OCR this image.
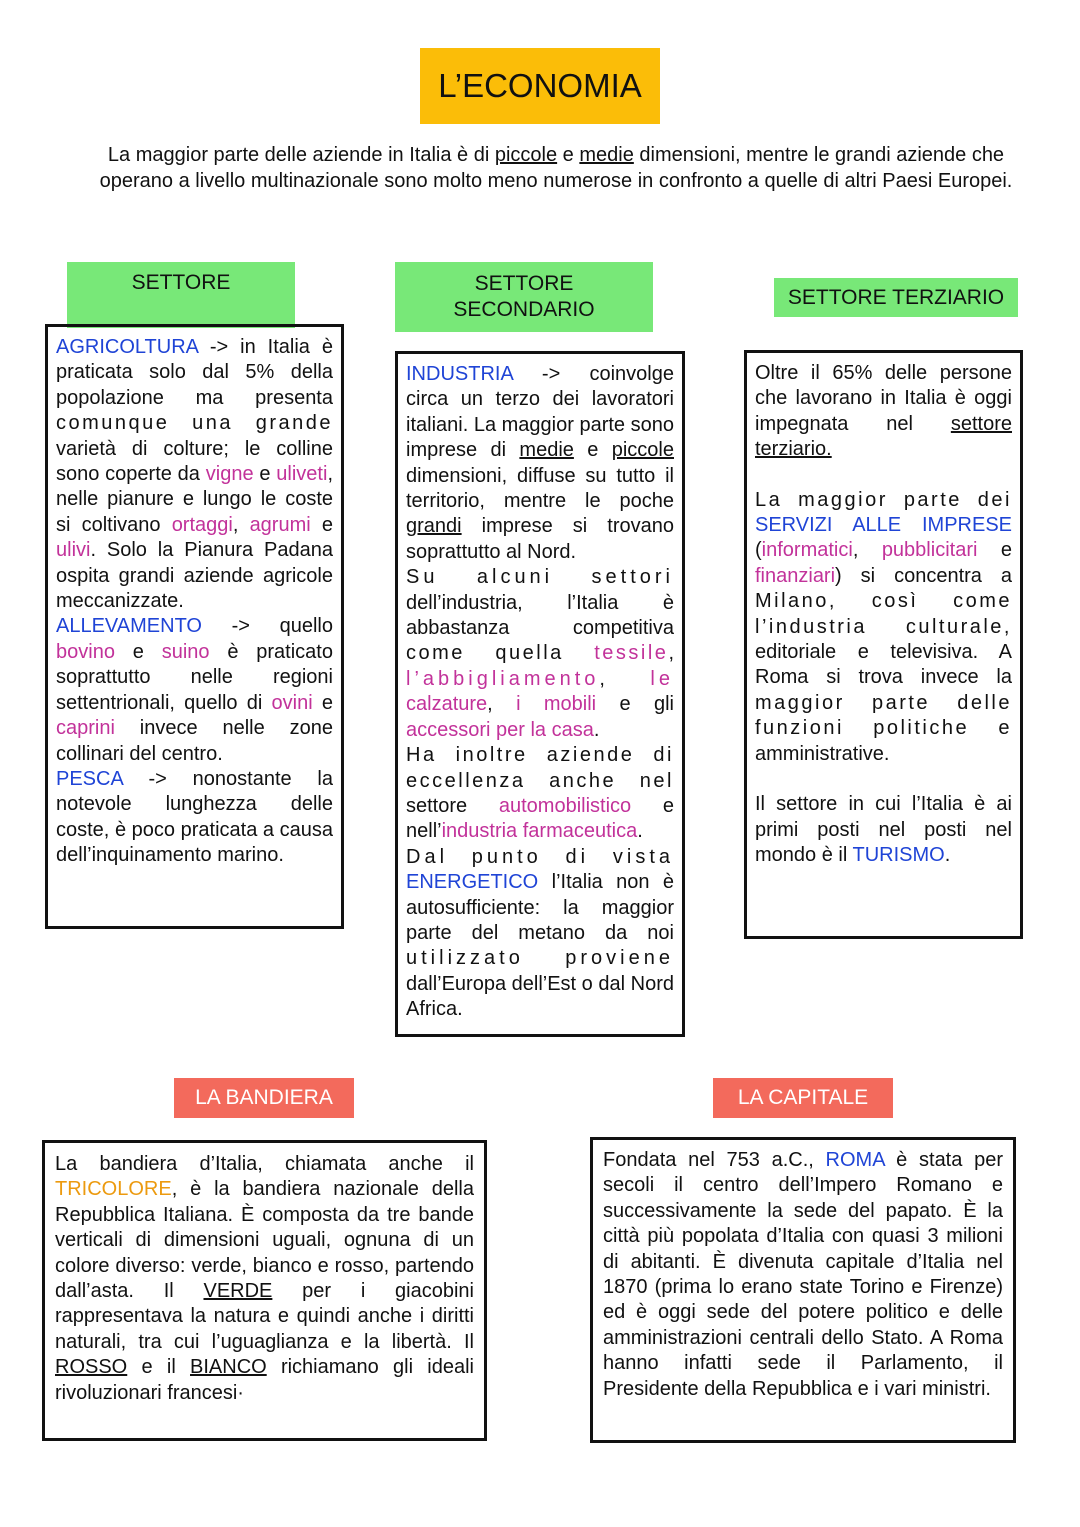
L’ECONOMIA

La maggior parte delle aziende in Italia è di piccole e medie dimensioni, mentre le grandi aziende che operano a livello multinazionale sono molto meno numerose in confronto a quelle di altri Paesi Europei.

SETTORE

AGRICOLTURA -> in Italia è praticata solo dal 5% della popolazione ma presenta comunque una grande varietà di colture; le colline sono coperte da vigne e uliveti, nelle pianure e lungo le coste si coltivano ortaggi, agrumi e ulivi. Solo la Pianura Padana ospita grandi aziende agricole meccanizzate.

ALLEVAMENTO -> quello bovino e suino è praticato soprattutto nelle regioni settentrionali, quello di ovini e caprini invece nelle zone collinari del centro.

PESCA -> nonostante la notevole lunghezza delle coste, è poco praticata a causa dell’inquinamento marino.

SETTORE
SECONDARIO

INDUSTRIA -> coinvolge circa un terzo dei lavoratori italiani. La maggior parte sono imprese di medie e piccole dimensioni, diffuse su tutto il territorio, mentre le poche grandi imprese si trovano soprattutto al Nord.

Su alcuni settori dell’industria, l’Italia è abbastanza competitiva come quella tessile, l’abbigliamento, le calzature, i mobili e gli accessori per la casa.

Ha inoltre aziende di eccellenza anche nel settore automobilistico e nell’industria farmaceutica.

Dal punto di vista ENERGETICO l’Italia non è autosufficiente: la maggior parte del metano da noi utilizzato proviene dall’Europa dell’Est o dal Nord Africa.

SETTORE TERZIARIO

Oltre il 65% delle persone che lavorano in Italia è oggi impegnata nel settore terziario.

La maggior parte dei SERVIZI ALLE IMPRESE (informatici, pubblicitari e finanziari) si concentra a Milano, così come l’industria culturale, editoriale e televisiva. A Roma si trova invece la maggior parte delle funzioni politiche e amministrative.

Il settore in cui l’Italia è ai primi posti nel posti nel mondo è il TURISMO.

LA BANDIERA

La bandiera d’Italia, chiamata anche il TRICOLORE, è la bandiera nazionale della Repubblica Italiana. È composta da tre bande verticali di dimensioni uguali, ognuna di un colore diverso: verde, bianco e rosso, partendo dall’asta. Il VERDE per i giacobini rappresentava la natura e quindi anche i diritti naturali, tra cui l’uguaglianza e la libertà. Il ROSSO e il BIANCO richiamano gli ideali rivoluzionari francesi·

LA CAPITALE

Fondata nel 753 a.C., ROMA è stata per secoli il centro dell’Impero Romano e successivamente la sede del papato. È la città più popolata d’Italia con quasi 3 milioni di abitanti. È divenuta capitale d’Italia nel 1870 (prima lo erano state Torino e Firenze) ed è oggi sede del potere politico e delle amministrazioni centrali dello Stato. A Roma hanno infatti sede il Parlamento, il Presidente della Repubblica e i vari ministri.
